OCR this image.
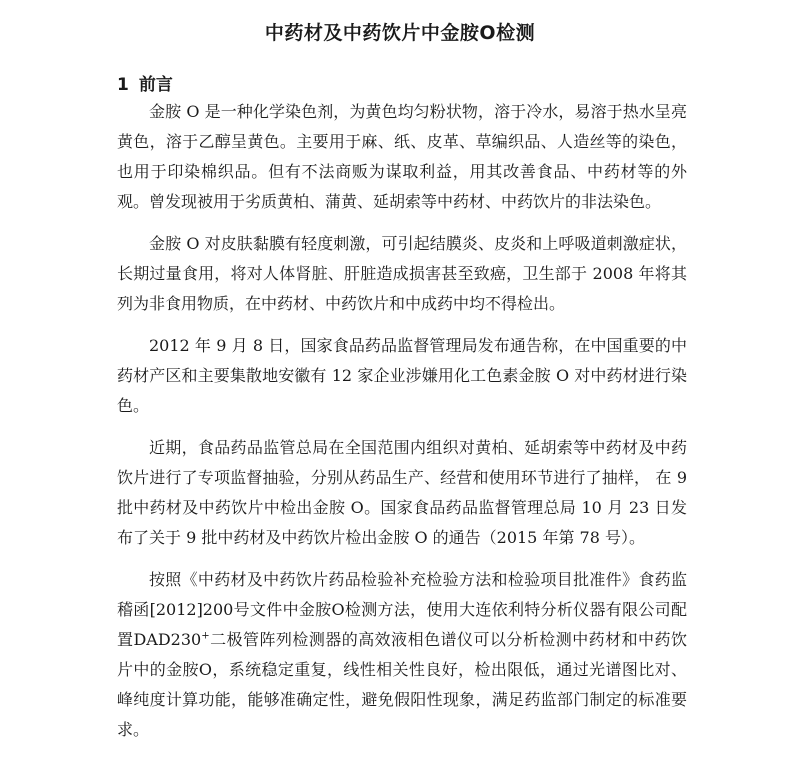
中药材及中药饮片中金胺O检测
1 前言

金胺 O 是一种化学染色剂，为黄色均匀粉状物，溶于冷水，易溶于热水呈亮黄色，溶于乙醇呈黄色。主要用于麻、纸、皮革、草编织品、人造丝等的染色，也用于印染棉织品。但有不法商贩为谋取利益，用其改善食品、中药材等的外观。曾发现被用于劣质黄柏、蒲黄、延胡索等中药材、中药饮片的非法染色。

金胺 O 对皮肤黏膜有轻度刺激，可引起结膜炎、皮炎和上呼吸道刺激症状，长期过量食用，将对人体肾脏、肝脏造成损害甚至致癌，卫生部于 2008 年将其列为非食用物质，在中药材、中药饮片和中成药中均不得检出。

2012 年 9 月 8 日，国家食品药品监督管理局发布通告称，在中国重要的中药材产区和主要集散地安徽有 12 家企业涉嫌用化工色素金胺 O 对中药材进行染色。

近期，食品药品监管总局在全国范围内组织对黄柏、延胡索等中药材及中药饮片进行了专项监督抽验，分别从药品生产、经营和使用环节进行了抽样， 在 9 批中药材及中药饮片中检出金胺 O。国家食品药品监督管理总局 10 月 23 日发布了关于 9 批中药材及中药饮片检出金胺 O 的通告（2015 年第 78 号）。

按照《中药材及中药饮片药品检验补充检验方法和检验项目批准件》食药监稽函[2012]200号文件中金胺O检测方法，使用大连依利特分析仪器有限公司配置DAD230+二极管阵列检测器的高效液相色谱仪可以分析检测中药材和中药饮片中的金胺O，系统稳定重复，线性相关性良好，检出限低，通过光谱图比对、峰纯度计算功能，能够准确定性，避免假阳性现象，满足药监部门制定的标准要求。
